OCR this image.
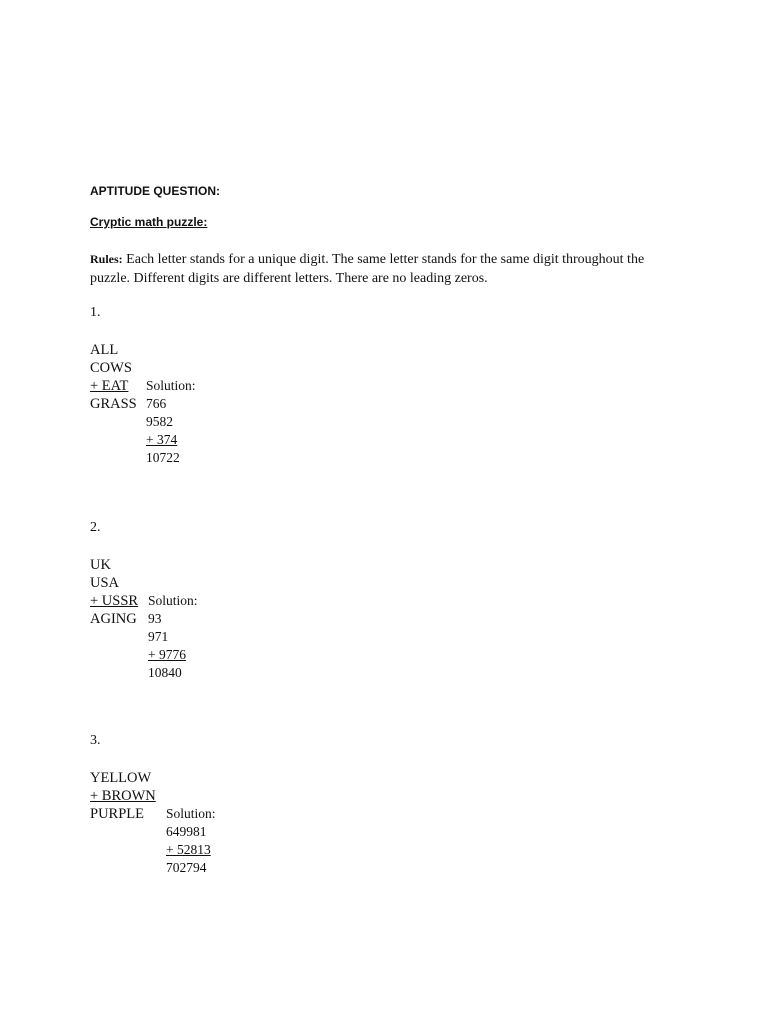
APTITUDE QUESTION:
Cryptic math puzzle:
Rules: Each letter stands for a unique digit. The same letter stands for the same digit throughout the puzzle. Different digits are different letters. There are no leading zeros.
1.
ALL
COWS
+ EAT
GRASS
Solution:
766
9582
+ 374
10722
2.
UK
USA
+ USSR
AGING
Solution:
93
971
+ 9776
10840
3.
YELLOW
+ BROWN
PURPLE	Solution:
649981
+ 52813
702794
